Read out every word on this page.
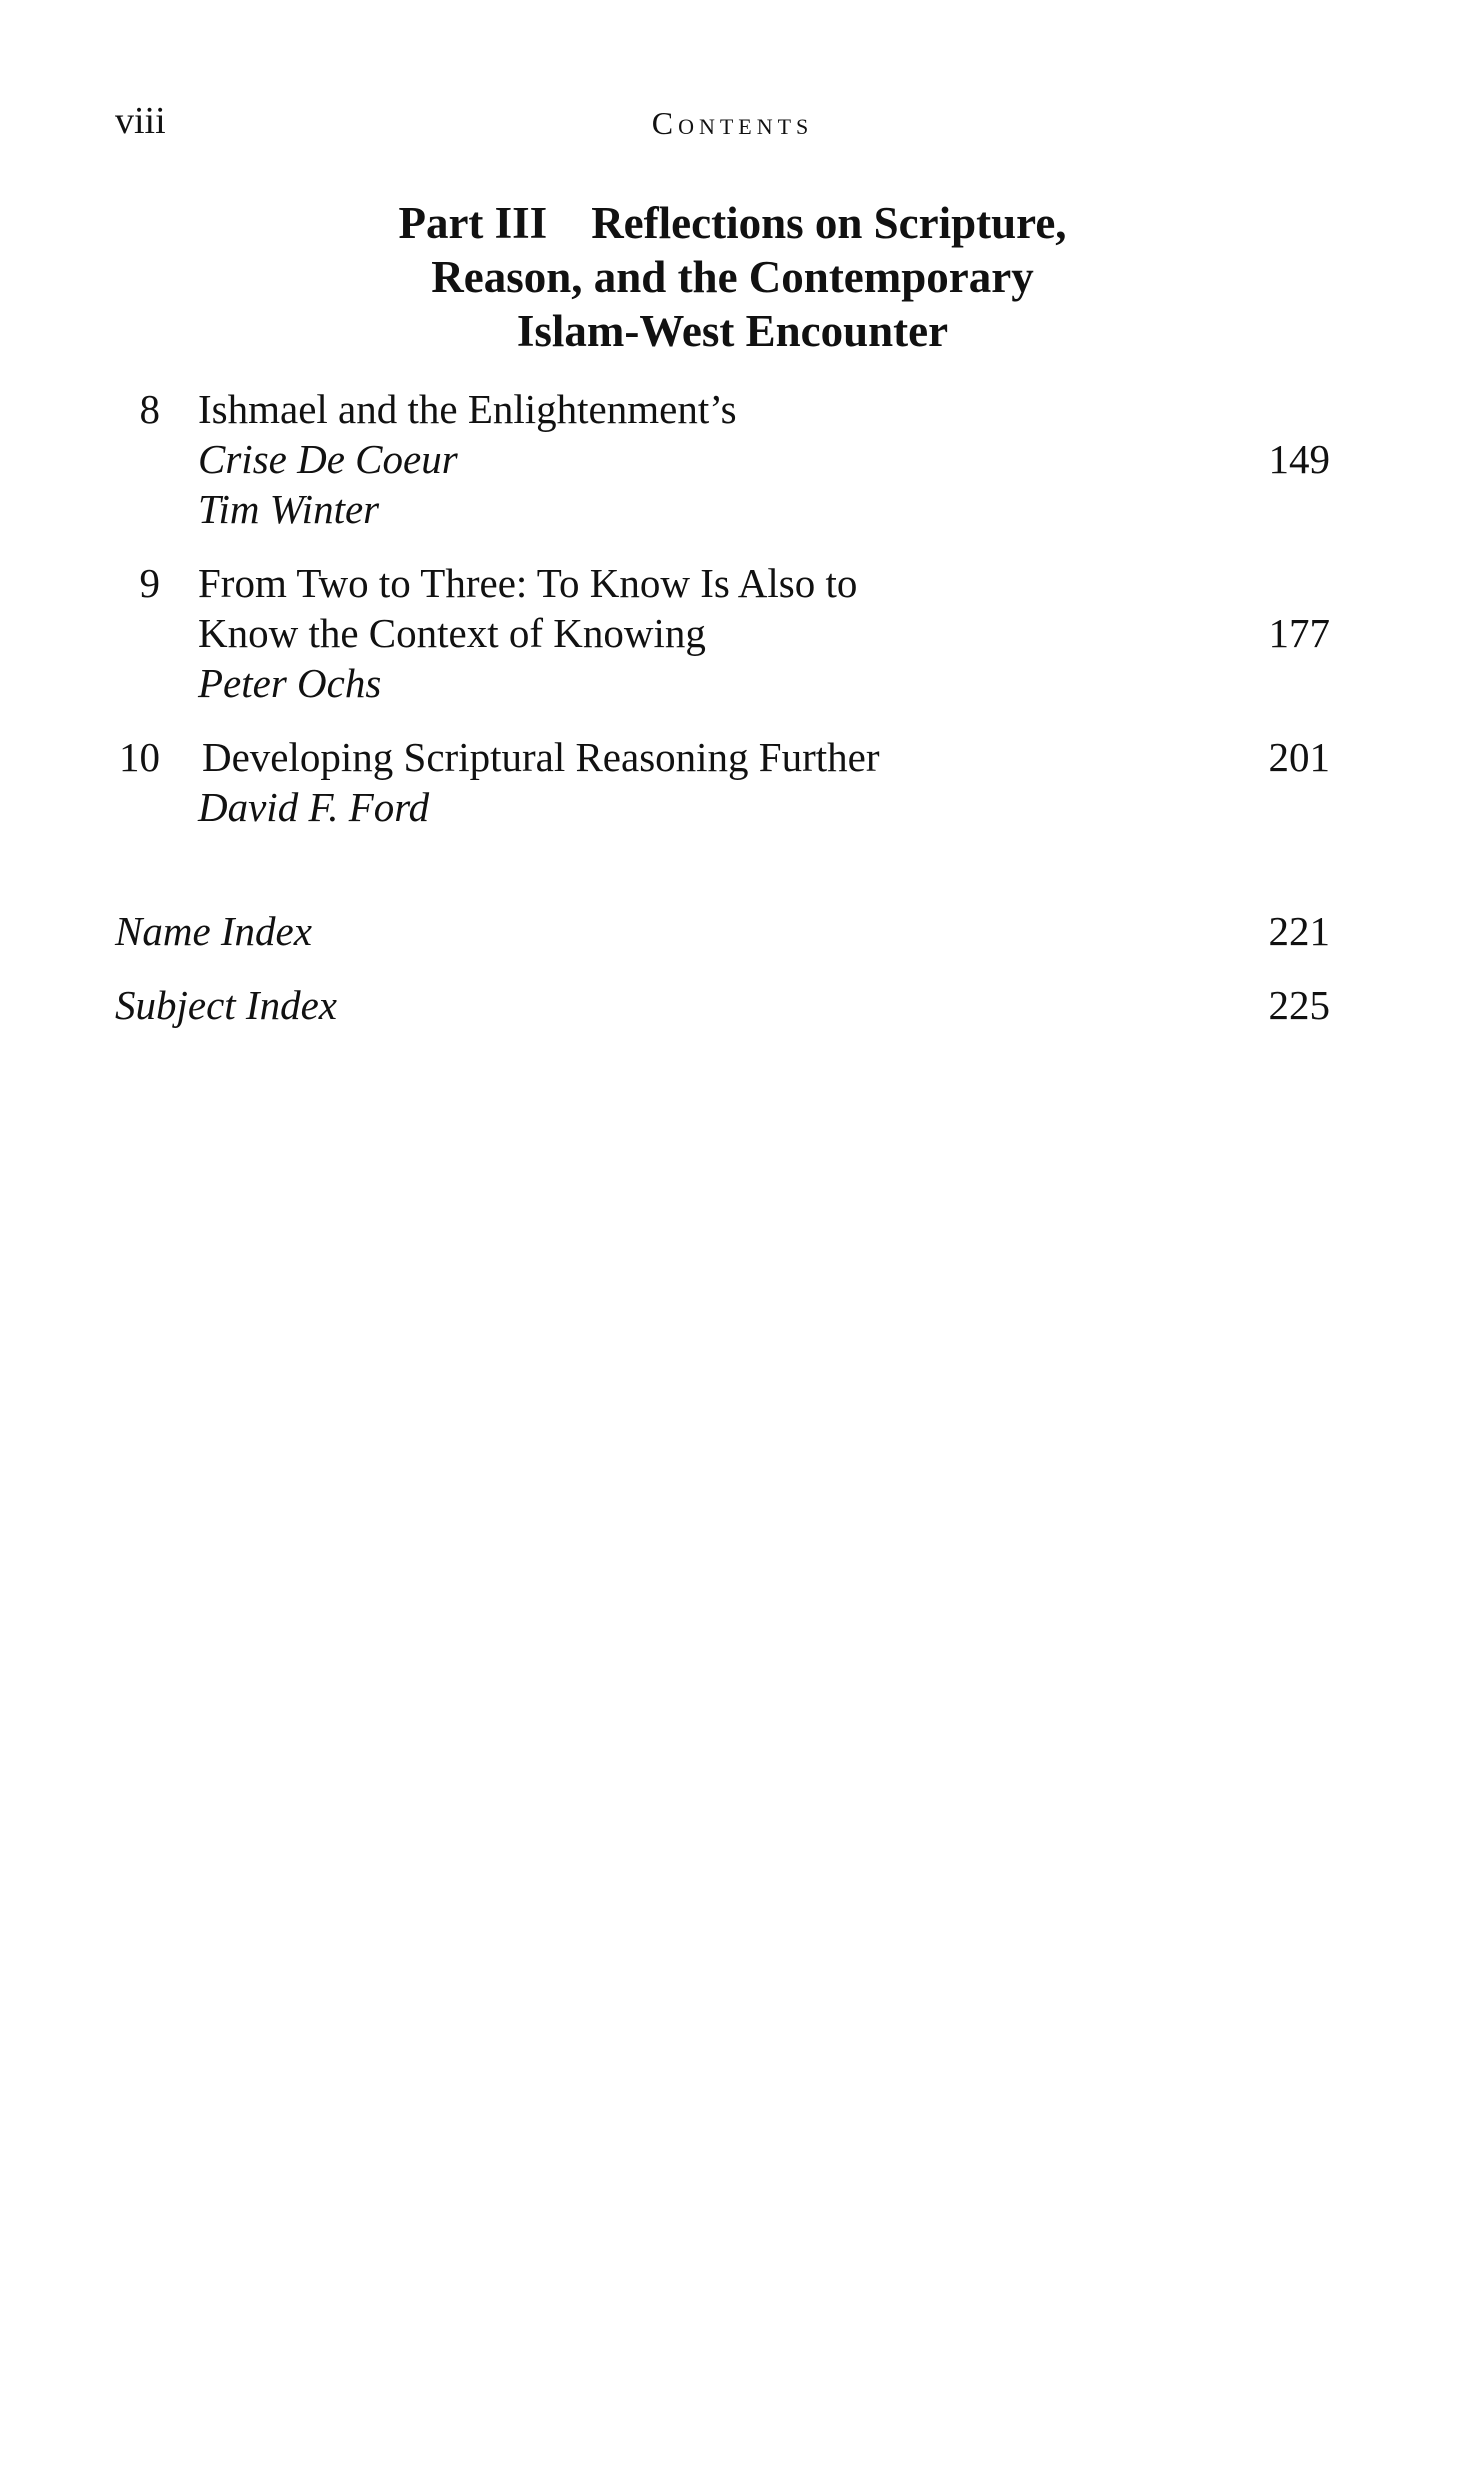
viii	Contents
Part III Reflections on Scripture,
Reason, and the Contemporary
Islam-West Encounter
8 Ishmael and the Enlightenment’s
Crise De Coeur	149
Tim Winter
9 From Two to Three: To Know Is Also to
Know the Context of Knowing	177
Peter Ochs
10 Developing Scriptural Reasoning Further	201
David F. Ford
Name Index	221
Subject Index	225
